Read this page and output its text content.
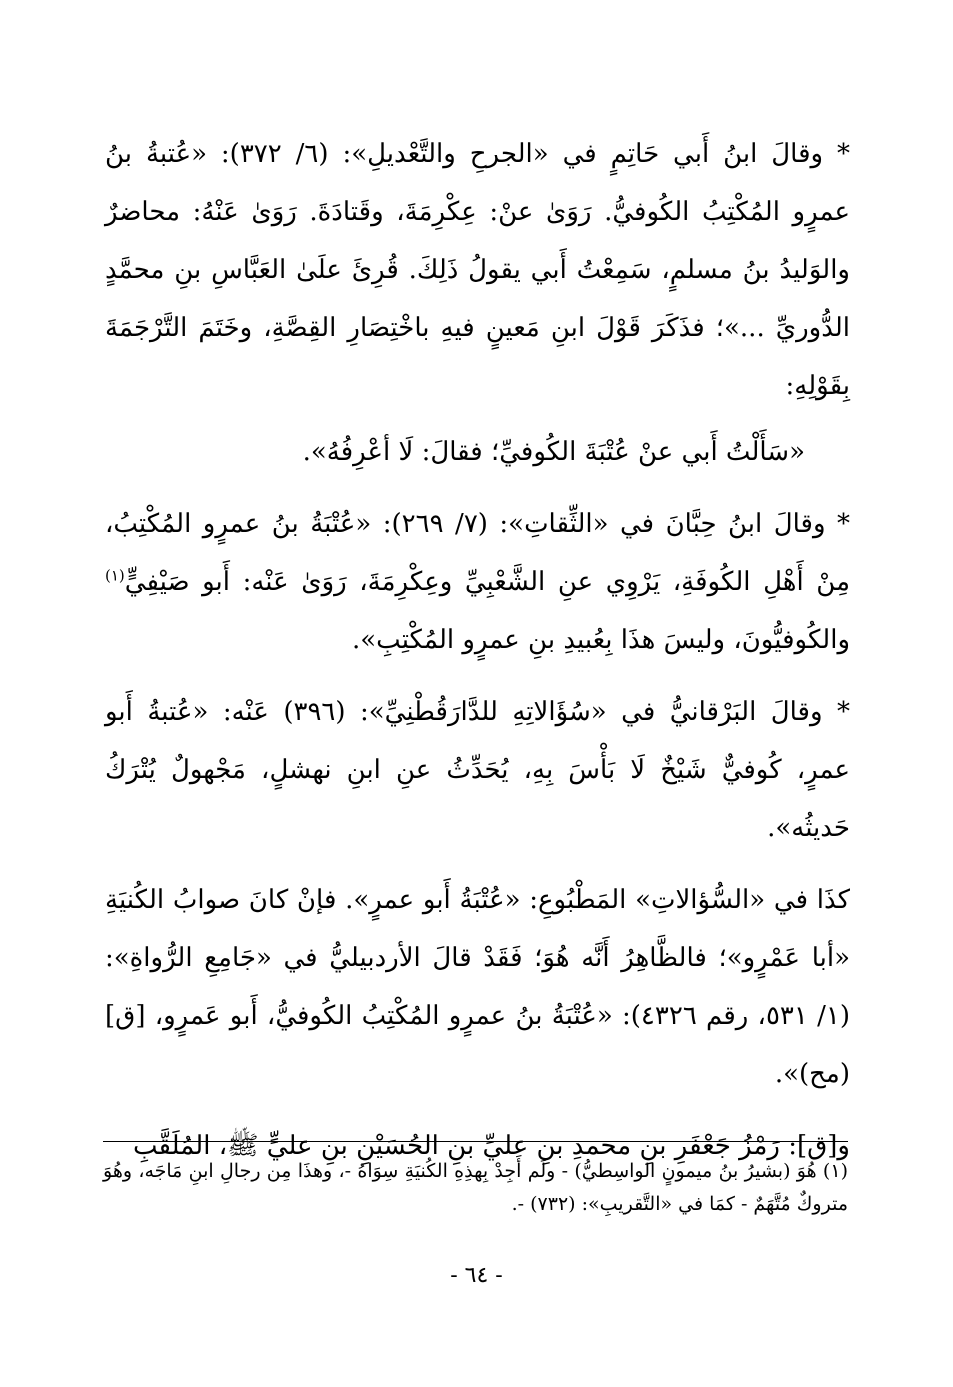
* وقالَ ابنُ أَبي حَاتِمٍ في «الجرحِ والتَّعْديلِ»: (٦/ ٣٧٢): «عُتبةُ بنُ عمرٍو المُكْتِبُ الكُوفيُّ. رَوَىٰ عنْ: عِكْرِمَةَ، وقَتادَةَ. رَوَىٰ عَنْهُ: محاضرٌ والوَليدُ بنُ مسلمٍ، سَمِعْتُ أَبي يقولُ ذَلِكَ. قُرِئَ علَىٰ العَبَّاسِ بنِ محمَّدٍ الدُّوريِّ ...»؛ فذَكَرَ قَوْلَ ابنِ مَعينٍ فيهِ باخْتِصَارِ القِصَّةِ، وخَتَمَ التَّرْجَمَةَ بِقَوْلِهِ:

«سَأَلْتُ أَبي عنْ عُتْبَةَ الكُوفيِّ؛ فقالَ: لَا أعْرِفُهُ».

* وقالَ ابنُ حِبَّانَ في «الثِّقاتِ»: (٧/ ٢٦٩): «عُتْبَةُ بنُ عمرٍو المُكْتِبُ، مِنْ أَهْلِ الكُوفَةِ، يَرْوِي عنِ الشَّعْبِيِّ وعِكْرِمَةَ، رَوَىٰ عَنْه: أَبو صَيْفِيٍّ$^{(١)}$ والكُوفيُّونَ، وليسَ هذَا بِعُبيدِ بنِ عمرٍو المُكْتِبِ».

* وقالَ البَرْقانيُّ في «سُؤَالاتِهِ للدَّارَقُطْنِيِّ»: (٣٩٦) عَنْه: «عُتبةُ أَبو عمرٍ، كُوفيٌّ شَيْخٌ لَا بَأْسَ بِهِ، يُحَدِّثُ عنِ ابنِ نهشلٍ، مَجْهولٌ يُتْرَكُ حَديثُه».

كذَا في «السُّؤالاتِ» المَطْبُوعِ: «عُتْبَةُ أَبو عمرٍ». فإنْ كانَ صوابُ الكُنيَةِ «أبا عَمْرٍو»؛ فالظَّاهِرُ أَنَّه هُوَ؛ فَقَدْ قالَ الأردبيليُّ في «جَامِعِ الرُّواةِ»: (١/ ٥٣١، رقم ٤٣٢٦): «عُتْبَةُ بنُ عمرٍو المُكْتِبُ الكُوفيُّ، أَبو عَمرٍو، [ق] (مح)».

و[ق]: رَمْزُ جَعْفَرِ بنِ محمدِ بنِ عليِّ بنِ الحُسَيْنِ بنِ عليٍّ ﷺ، المُلَقَّبِ

(١) هُوَ (بشيرُ بنُ ميمونٍ الواسِطيُّ) - ولَم أَجِدْ بِهذِهِ الكُنيَةِ سِوَاهُ -، وهذَا مِن رجالِ ابنِ مَاجَه، وهُوَ متروكٌ مُتَّهَمٌ - كمَا في «التَّقريبِ»: (٧٣٢) -.
- ٦٤ -
